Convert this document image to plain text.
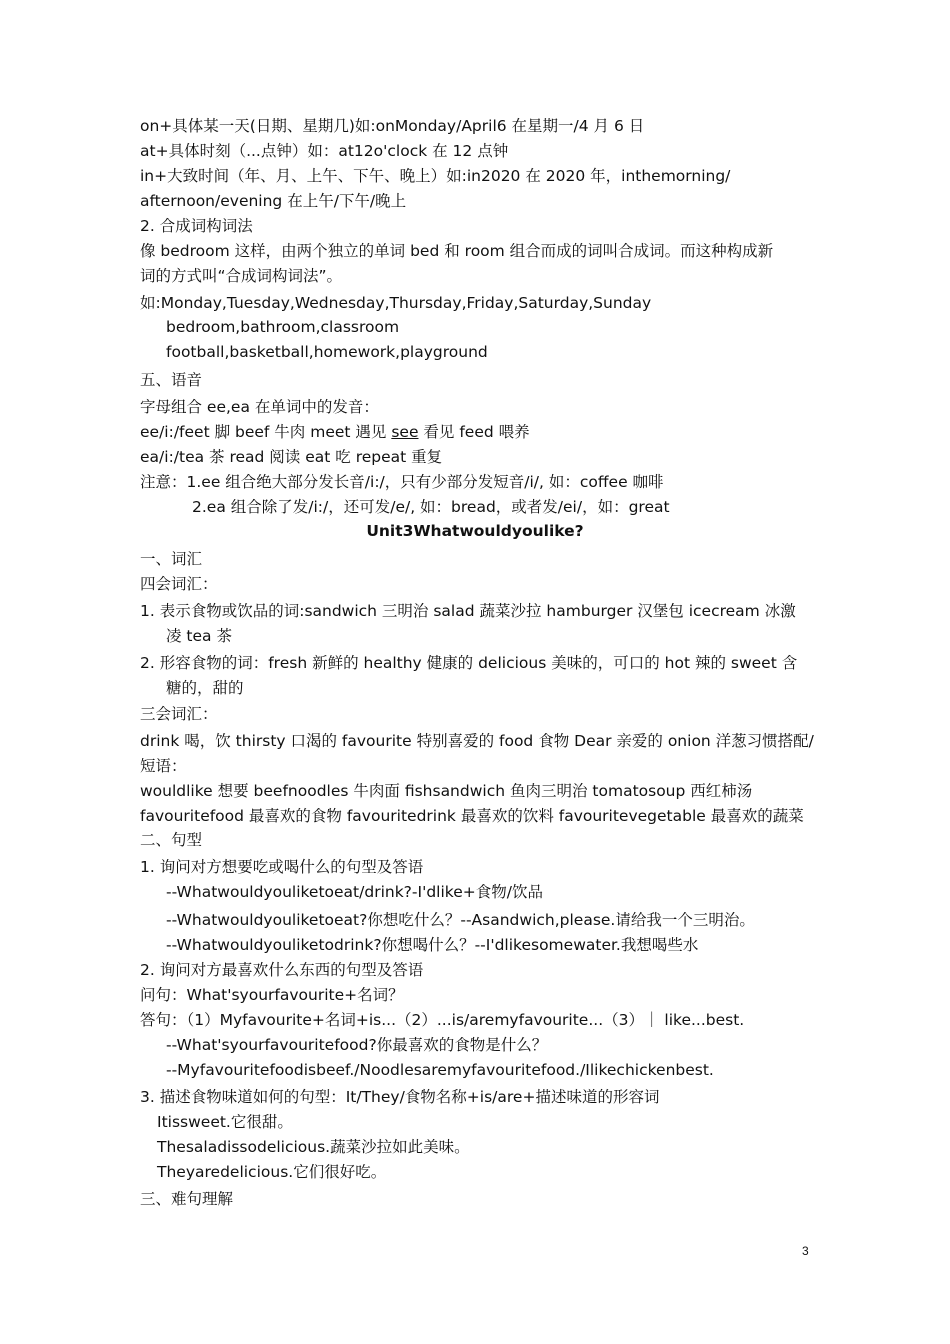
on+具体某一天(日期、星期几)如:onMonday/April6 在星期一/4 月 6 日
at+具体时刻（...点钟）如：at12o'clock 在 12 点钟
in+大致时间（年、月、上午、下午、晚上）如:in2020 在 2020 年，inthemorning/
afternoon/evening 在上午/下午/晚上
2. 合成词构词法
像 bedroom 这样，由两个独立的单词 bed 和 room 组合而成的词叫合成词。而这种构成新
词的方式叫“合成词构词法”。
如:Monday,Tuesday,Wednesday,Thursday,Friday,Saturday,Sunday
bedroom,bathroom,classroom
football,basketball,homework,playground
五、语音
字母组合 ee,ea 在单词中的发音：
ee/i:/feet 脚 beef 牛肉 meet 遇见 see 看见 feed 喂养
ea/i:/tea 茶 read 阅读 eat 吃 repeat 重复
注意：1.ee 组合绝大部分发长音/i:/，只有少部分发短音/i/, 如：coffee 咖啡
2.ea 组合除了发/i:/，还可发/e/, 如：bread，或者发/ei/，如：great
Unit3Whatwouldyoulike?
一、词汇
四会词汇：
1. 表示食物或饮品的词:sandwich 三明治 salad 蔬菜沙拉 hamburger 汉堡包 icecream 冰激
凌 tea 茶
2. 形容食物的词：fresh 新鲜的 healthy 健康的 delicious 美味的，可口的 hot 辣的 sweet 含
糖的，甜的
三会词汇：
drink 喝，饮 thirsty 口渴的 favourite 特别喜爱的 food 食物 Dear 亲爱的 onion 洋葱习惯搭配/
短语：
wouldlike 想要 beefnoodles 牛肉面 fishsandwich 鱼肉三明治 tomatosoup 西红柿汤
favouritefood 最喜欢的食物 favouritedrink 最喜欢的饮料 favouritevegetable 最喜欢的蔬菜
二、句型
1. 询问对方想要吃或喝什么的句型及答语
--Whatwouldyouliketoeat/drink?-I'dlike+食物/饮品
--Whatwouldyouliketoeat?你想吃什么？--Asandwich,please.请给我一个三明治。
--Whatwouldyouliketodrink?你想喝什么？--I'dlikesomewater.我想喝些水
2. 询问对方最喜欢什么东西的句型及答语
问句：What'syourfavourite+名词？
答句：（1）Myfavourite+名词+is...（2）...is/aremyfavourite...（3）｜ like...best.
--What'syourfavouritefood?你最喜欢的食物是什么？
--Myfavouritefoodisbeef./Noodlesaremyfavouritefood./Ilikechickenbest.
3. 描述食物味道如何的句型：It/They/食物名称+is/are+描述味道的形容词
Itissweet.它很甜。
Thesaladissodelicious.蔬菜沙拉如此美味。
Theyaredelicious.它们很好吃。
三、难句理解
3
